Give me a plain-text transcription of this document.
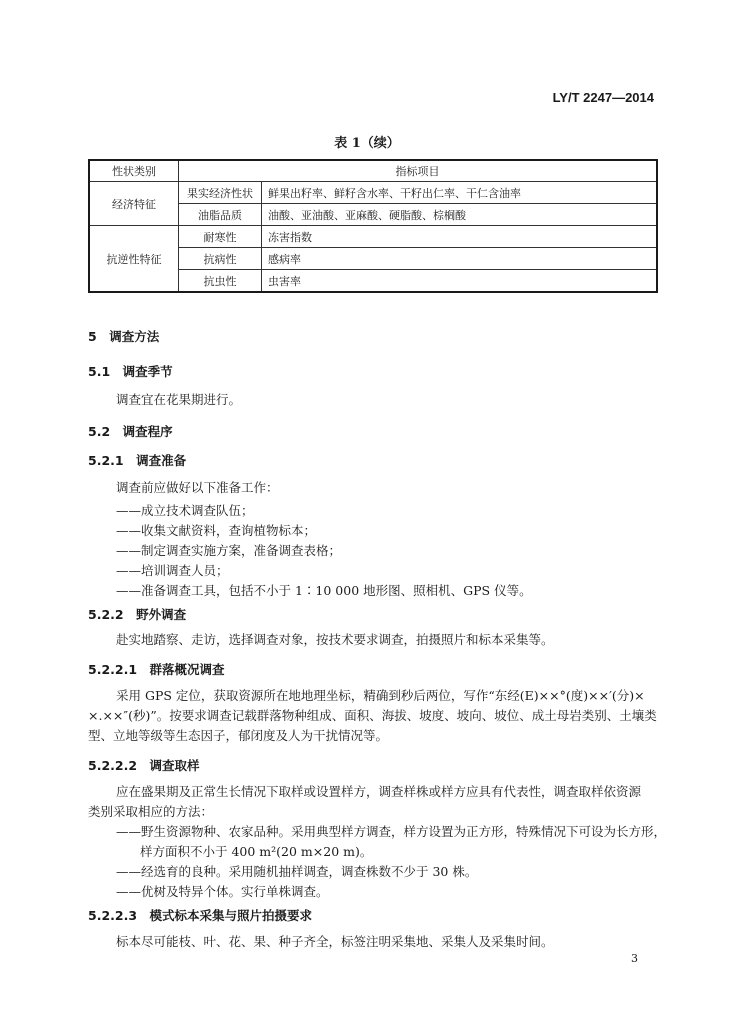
LY/T 2247—2014
表 1（续）
性状类别	指标项目	
经济特征	果实经济性状	鲜果出籽率、鲜籽含水率、干籽出仁率、干仁含油率
	油脂品质	油酸、亚油酸、亚麻酸、硬脂酸、棕榈酸
抗逆性特征	耐寒性	冻害指数
	抗病性	感病率
	抗虫性	虫害率
5　调查方法
5.1　调查季节
调查宜在花果期进行。
5.2　调查程序
5.2.1　调查准备
调查前应做好以下准备工作：
——成立技术调查队伍；
——收集文献资料，查询植物标本；
——制定调查实施方案，准备调查表格；
——培训调查人员；
——准备调查工具，包括不小于 1∶10 000 地形图、照相机、GPS 仪等。
5.2.2　野外调查
赴实地踏察、走访，选择调查对象，按技术要求调查，拍摄照片和标本采集等。
5.2.2.1　群落概况调查
采用 GPS 定位，获取资源所在地地理坐标，精确到秒后两位，写作“东经(E)××°(度)××′(分)×
×.××″(秒)”。按要求调查记载群落物种组成、面积、海拔、坡度、坡向、坡位、成土母岩类别、土壤类
型、立地等级等生态因子，郁闭度及人为干扰情况等。
5.2.2.2　调查取样
应在盛果期及正常生长情况下取样或设置样方，调查样株或样方应具有代表性，调查取样依资源
类别采取相应的方法：
——野生资源物种、农家品种。采用典型样方调查，样方设置为正方形，特殊情况下可设为长方形，
样方面积不小于 400 m²(20 m×20 m)。
——经选育的良种。采用随机抽样调查，调查株数不少于 30 株。
——优树及特异个体。实行单株调查。
5.2.2.3　模式标本采集与照片拍摄要求
标本尽可能枝、叶、花、果、种子齐全，标签注明采集地、采集人及采集时间。
3
